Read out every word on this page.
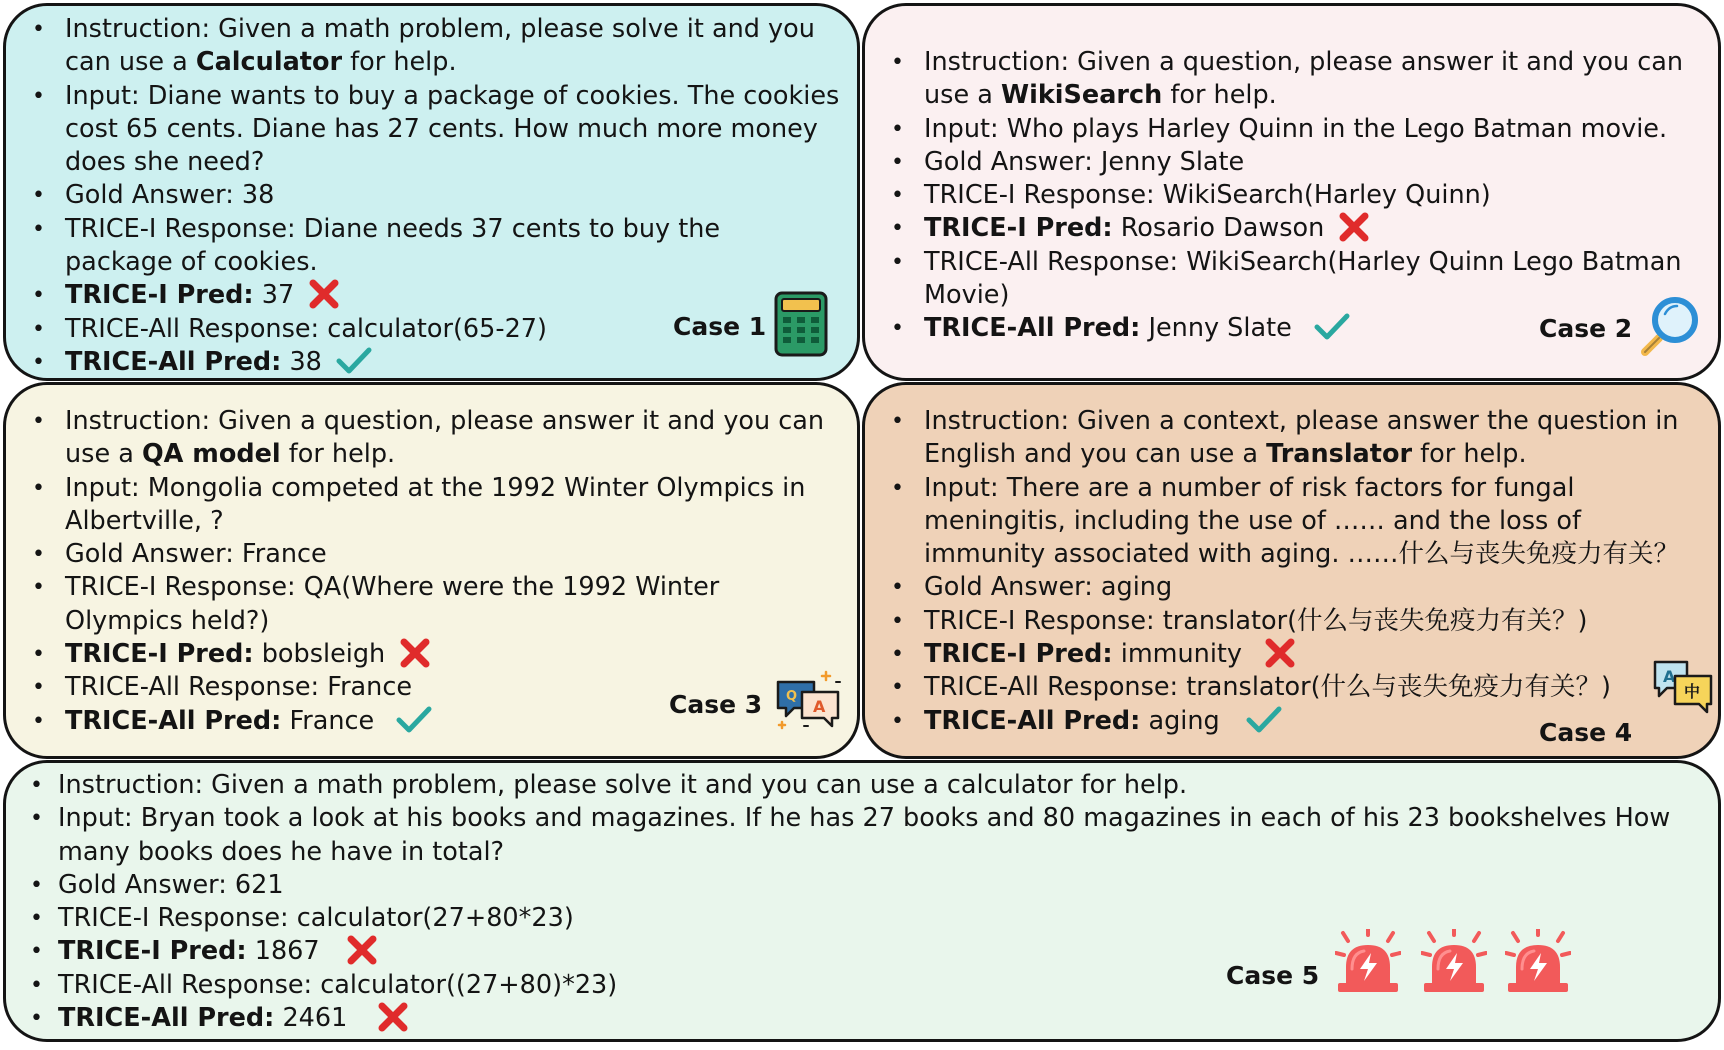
• Instruction: Given a math problem, please solve it and you
can use a Calculator for help.
• Input: Diane wants to buy a package of cookies. The cookies
cost 65 cents. Diane has 27 cents. How much more money
does she need?
• Gold Answer: 38
• TRICE-I Response: Diane needs 37 cents to buy the
package of cookies.
• TRICE-I Pred: 37
• TRICE-All Response: calculator(65-27)
• TRICE-All Pred: 38
Case 1
• Instruction: Given a question, please answer it and you can
use a WikiSearch for help.
• Input: Who plays Harley Quinn in the Lego Batman movie.
• Gold Answer: Jenny Slate
• TRICE-I Response: WikiSearch(Harley Quinn)
• TRICE-I Pred: Rosario Dawson
• TRICE-All Response: WikiSearch(Harley Quinn Lego Batman
Movie)
• TRICE-All Pred: Jenny Slate	Case 2
• Instruction: Given a question, please answer it and you can
use a QA model for help.
• Input: Mongolia competed at the 1992 Winter Olympics in
Albertville, ?
• Gold Answer: France
• TRICE-I Response: QA(Where were the 1992 Winter
Olympics held?)
• TRICE-I Pred: bobsleigh
• TRICE-All Response: France
• TRICE-All Pred: France
Case 3 Q
A
• Instruction: Given a context, please answer the question in
English and you can use a Translator for help.
• Input: There are a number of risk factors for fungal
meningitis, including the use of …… and the loss of
immunity associated with aging. ……什么与丧失免疫力有关？
• Gold Answer: aging
• TRICE-I Response: translator(什么与丧失免疫力有关？)
• TRICE-I Pred: immunity
• TRICE-All Response: translator(什么与丧失免疫力有关？)
• TRICE-All Pred: aging	Case 4
A
中
• Instruction: Given a math problem, please solve it and you can use a calculator for help.
• Input: Bryan took a look at his books and magazines. If he has 27 books and 80 magazines in each of his 23 bookshelves How
many books does he have in total?
• Gold Answer: 621
• TRICE-I Response: calculator(27+80*23)
• TRICE-I Pred: 1867
• TRICE-All Response: calculator((27+80)*23)
• TRICE-All Pred: 2461
Case 5
